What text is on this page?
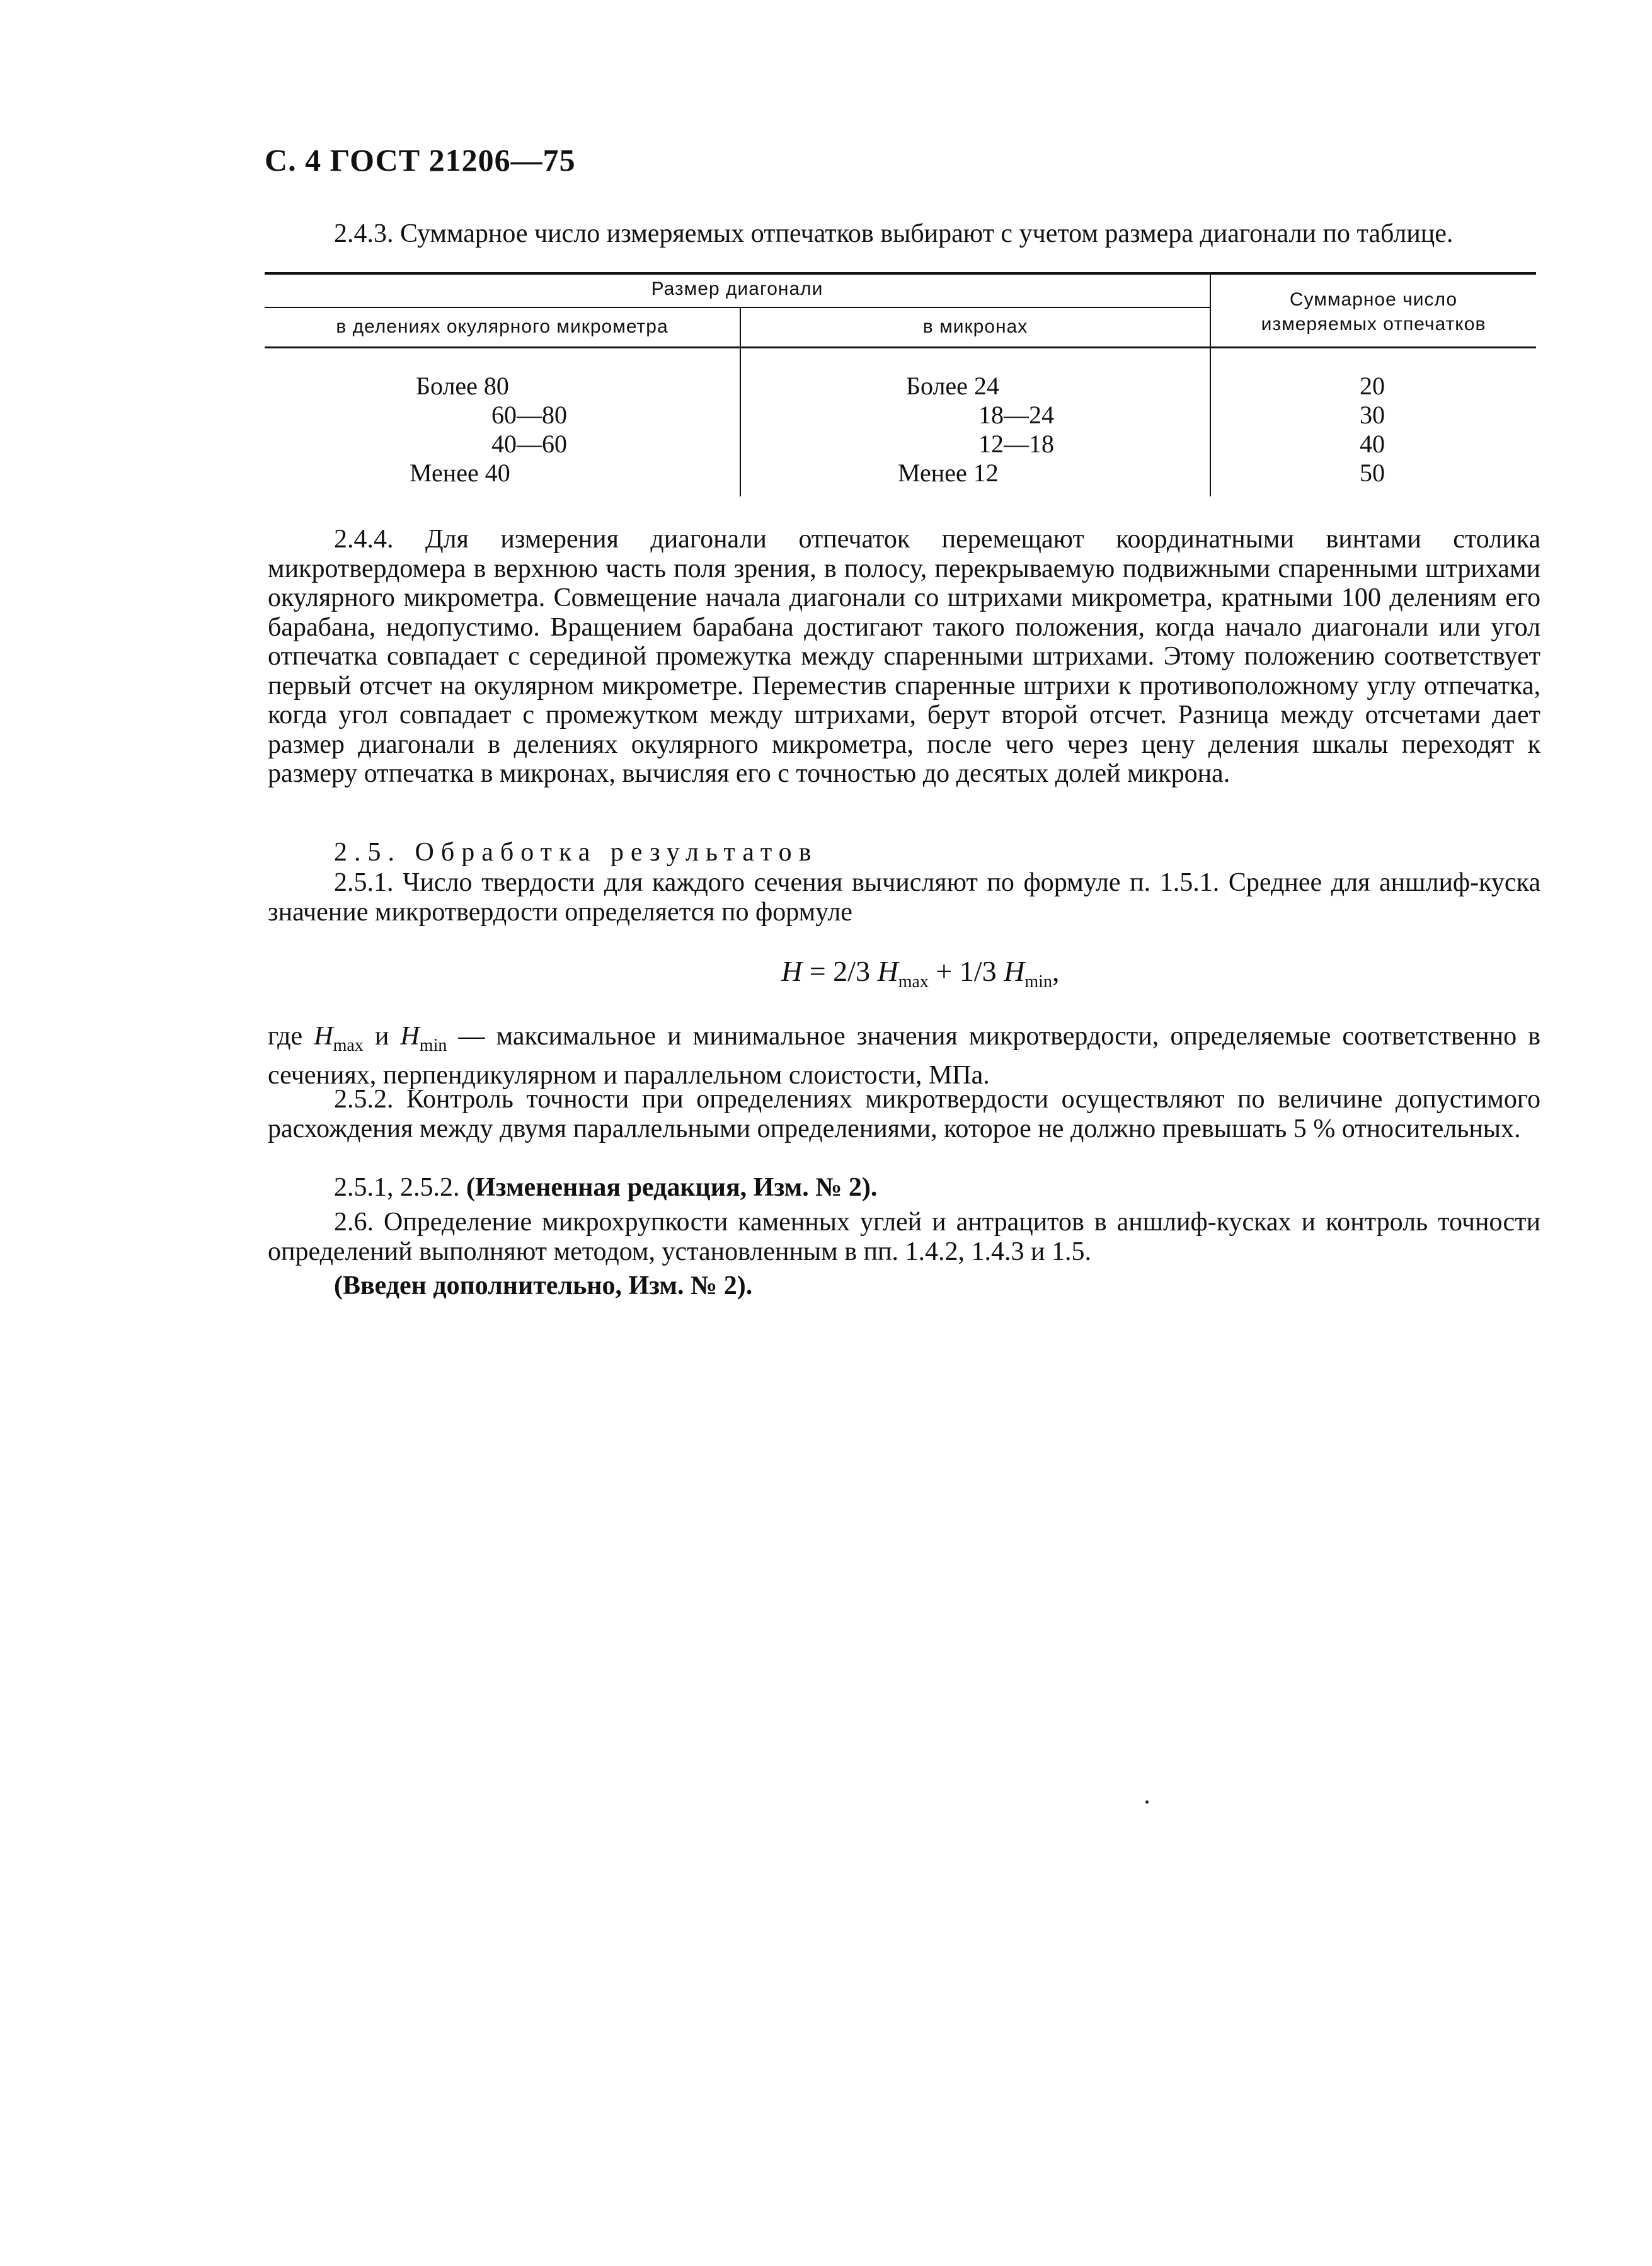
С. 4 ГОСТ 21206—75
2.4.3. Суммарное число измеряемых отпечатков выбирают с учетом размера диагонали по таблице.
Размер диагонали
в делениях окулярного микрометра	в микронах
Суммарное число
измеряемых отпечатков
Более 80	Более 24	20
60—80	18—24	30
40—60	12—18	40
Менее 40	Менее 12	50
2.4.4. Для измерения диагонали отпечаток перемещают координатными винтами столика микротвердомера в верхнюю часть поля зрения, в полосу, перекрываемую подвижными спаренными штрихами окулярного микрометра. Совмещение начала диагонали со штрихами микрометра, кратными 100 делениям его барабана, недопустимо. Вращением барабана достигают такого положения, когда начало диагонали или угол отпечатка совпадает с серединой промежутка между спаренными штрихами. Этому положению соответствует первый отсчет на окулярном микрометре. Переместив спаренные штрихи к противоположному углу отпечатка, когда угол совпадает с промежутком между штрихами, берут второй отсчет. Разница между отсчетами дает размер диагонали в делениях окулярного микрометра, после чего через цену деления шкалы переходят к размеру отпечатка в микронах, вычисляя его с точностью до десятых долей микрона.
2.5. Обработка результатов
2.5.1. Число твердости для каждого сечения вычисляют по формуле п. 1.5.1. Среднее для аншлиф-куска значение микротвердости определяется по формуле
H = 2/3 $H_{max} + 1/3$ $H_{min}$,
где $H_{max}$ и $H_{min}$ — максимальное и минимальное значения микротвердости, определяемые соответственно в сечениях, перпендикулярном и параллельном слоистости, МПа.
2.5.2. Контроль точности при определениях микротвердости осуществляют по величине допустимого расхождения между двумя параллельными определениями, которое не должно превышать 5 % относительных.
2.5.1, 2.5.2. (Измененная редакция, Изм. № 2).
2.6. Определение микрохрупкости каменных углей и антрацитов в аншлиф-кусках и контроль точности определений выполняют методом, установленным в пп. 1.4.2, 1.4.3 и 1.5.
(Введен дополнительно, Изм. № 2).
